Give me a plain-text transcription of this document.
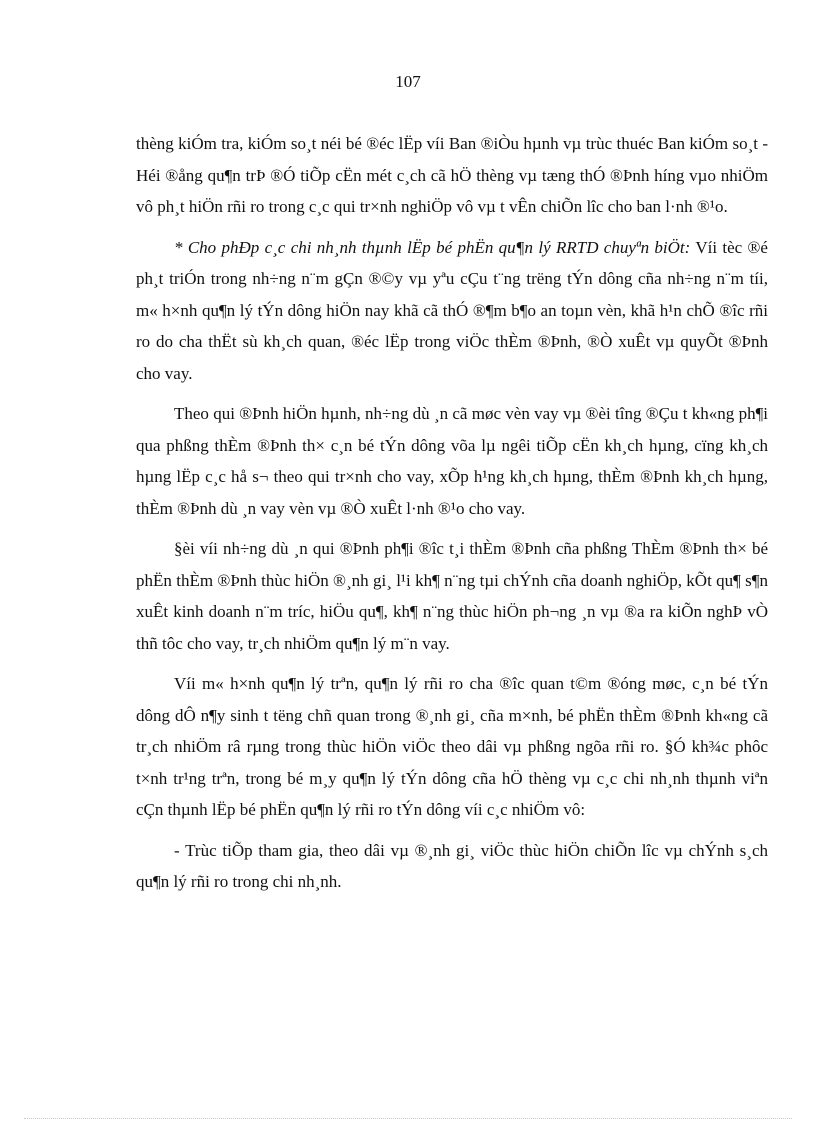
107

thèng kiÓm tra, kiÓm so¸t néi bé ®éc lËp víi Ban ®iÒu hµnh vµ trùc thuéc Ban kiÓm so¸t - Héi ®ång qu¶n trÞ ®Ó tiÕp cËn mét c¸ch cã hÖ thèng vµ tæng thÓ ®Þnh híng vµo nhiÖm vô ph¸t hiÖn rñi ro trong c¸c qui tr×nh nghiÖp vô vµ t vÊn chiÕn lîc cho ban l·nh ®¹o.

* Cho phÐp c¸c chi nh¸nh thµnh lËp bé phËn qu¶n lý RRTD chuyªn biÖt: Víi tèc ®é ph¸t triÓn trong nh÷ng n¨m gÇn ®©y vµ yªu cÇu t¨ng trëng tÝn dông cña nh÷ng n¨m tíi, m« h×nh qu¶n lý tÝn dông hiÖn nay khã cã thÓ ®¶m b¶o an toµn vèn, khã h¹n chÕ ®îc rñi ro do cha thËt sù kh¸ch quan, ®éc lËp trong viÖc thÈm ®Þnh, ®Ò xuÊt vµ quyÕt ®Þnh cho vay.

Theo qui ®Þnh hiÖn hµnh, nh÷ng dù ¸n cã møc vèn vay vµ ®èi tîng ®Çu t kh«ng ph¶i qua phßng thÈm ®Þnh th× c¸n bé tÝn dông võa lµ ngêi tiÕp cËn kh¸ch hµng, cïng kh¸ch hµng lËp c¸c hå s¬ theo qui tr×nh cho vay, xÕp h¹ng kh¸ch hµng, thÈm ®Þnh kh¸ch hµng, thÈm ®Þnh dù ¸n vay vèn vµ ®Ò xuÊt l·nh ®¹o cho vay.

§èi víi nh÷ng dù ¸n qui ®Þnh ph¶i ®îc t¸i thÈm ®Þnh cña phßng ThÈm ®Þnh th× bé phËn thÈm ®Þnh thùc hiÖn ®¸nh gi¸ l¹i kh¶ n¨ng tµi chÝnh cña doanh nghiÖp, kÕt qu¶ s¶n xuÊt kinh doanh n¨m tríc, hiÖu qu¶, kh¶ n¨ng thùc hiÖn ph¬ng ¸n vµ ®a ra kiÕn nghÞ vÒ thñ tôc cho vay, tr¸ch nhiÖm qu¶n lý m¨n vay.

Víi m« h×nh qu¶n lý trªn, qu¶n lý rñi ro cha ®îc quan t©m ®óng møc, c¸n bé tÝn dông dÔ n¶y sinh t tëng chñ quan trong ®¸nh gi¸ cña m×nh, bé phËn thÈm ®Þnh kh«ng cã tr¸ch nhiÖm râ rµng trong thùc hiÖn viÖc theo dâi vµ phßng ngõa rñi ro. §Ó kh¾c phôc t×nh tr¹ng trªn, trong bé m¸y qu¶n lý tÝn dông cña hÖ thèng vµ c¸c chi nh¸nh thµnh viªn cÇn thµnh lËp bé phËn qu¶n lý rñi ro tÝn dông víi c¸c nhiÖm vô:

- Trùc tiÕp tham gia, theo dâi vµ ®¸nh gi¸ viÖc thùc hiÖn chiÕn lîc vµ chÝnh s¸ch qu¶n lý rñi ro trong chi nh¸nh.
